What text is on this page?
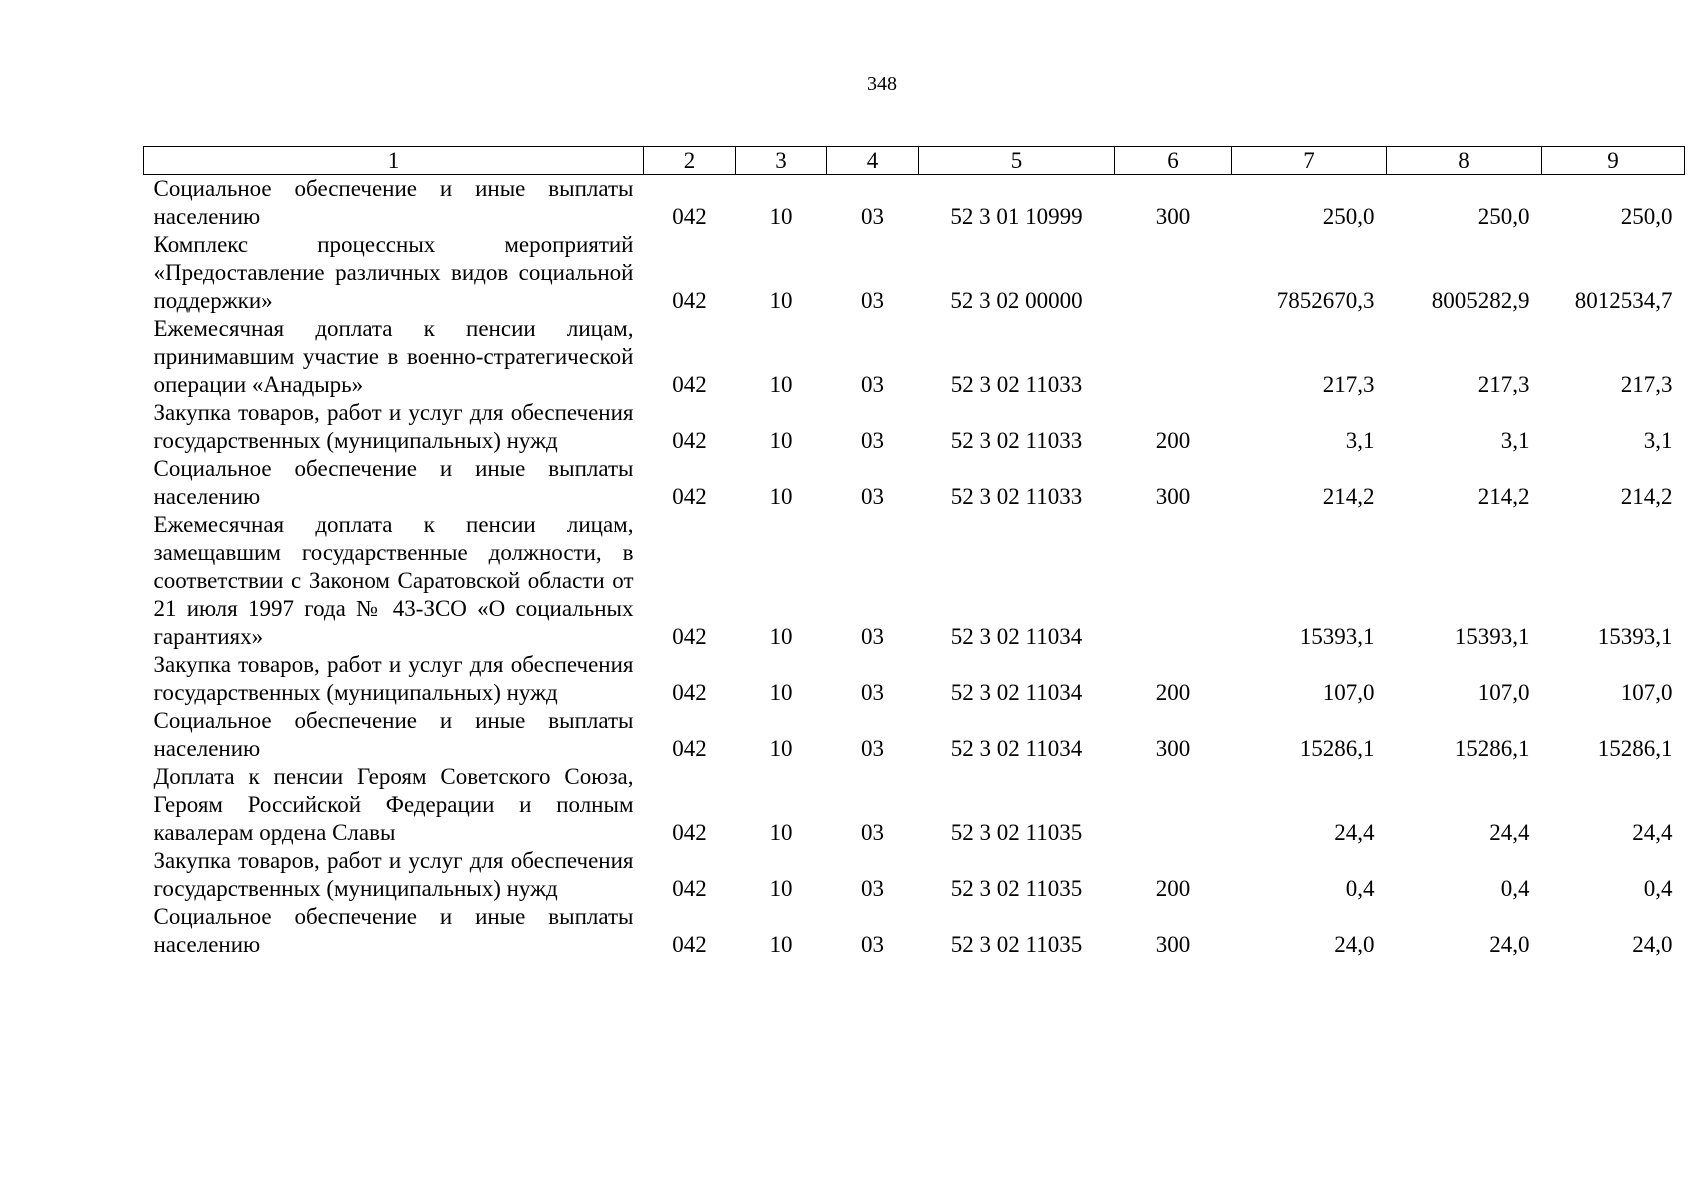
348
1	2	3	4	5	6	7	8	9
Социальное обеспечение и иные выплаты населению	042	10	03	52 3 01 10999	300	250,0	250,0	250,0
Комплекс процессных мероприятий «Предоставление различных видов социальной поддержки»	042	10	03	52 3 02 00000		7852670,3	8005282,9	8012534,7
Ежемесячная доплата к пенсии лицам, принимавшим участие в военно-стратегической операции «Анадырь»	042	10	03	52 3 02 11033		217,3	217,3	217,3
Закупка товаров, работ и услуг для обеспечения государственных (муниципальных) нужд	042	10	03	52 3 02 11033	200	3,1	3,1	3,1
Социальное обеспечение и иные выплаты населению	042	10	03	52 3 02 11033	300	214,2	214,2	214,2
Ежемесячная доплата к пенсии лицам, замещавшим государственные должности, в соответствии с Законом Саратовской области от 21 июля 1997 года № 43-ЗСО «О социальных гарантиях»	042	10	03	52 3 02 11034		15393,1	15393,1	15393,1
Закупка товаров, работ и услуг для обеспечения государственных (муниципальных) нужд	042	10	03	52 3 02 11034	200	107,0	107,0	107,0
Социальное обеспечение и иные выплаты населению	042	10	03	52 3 02 11034	300	15286,1	15286,1	15286,1
Доплата к пенсии Героям Советского Союза, Героям Российской Федерации и полным кавалерам ордена Славы	042	10	03	52 3 02 11035		24,4	24,4	24,4
Закупка товаров, работ и услуг для обеспечения государственных (муниципальных) нужд	042	10	03	52 3 02 11035	200	0,4	0,4	0,4
Социальное обеспечение и иные выплаты населению	042	10	03	52 3 02 11035	300	24,0	24,0	24,0
